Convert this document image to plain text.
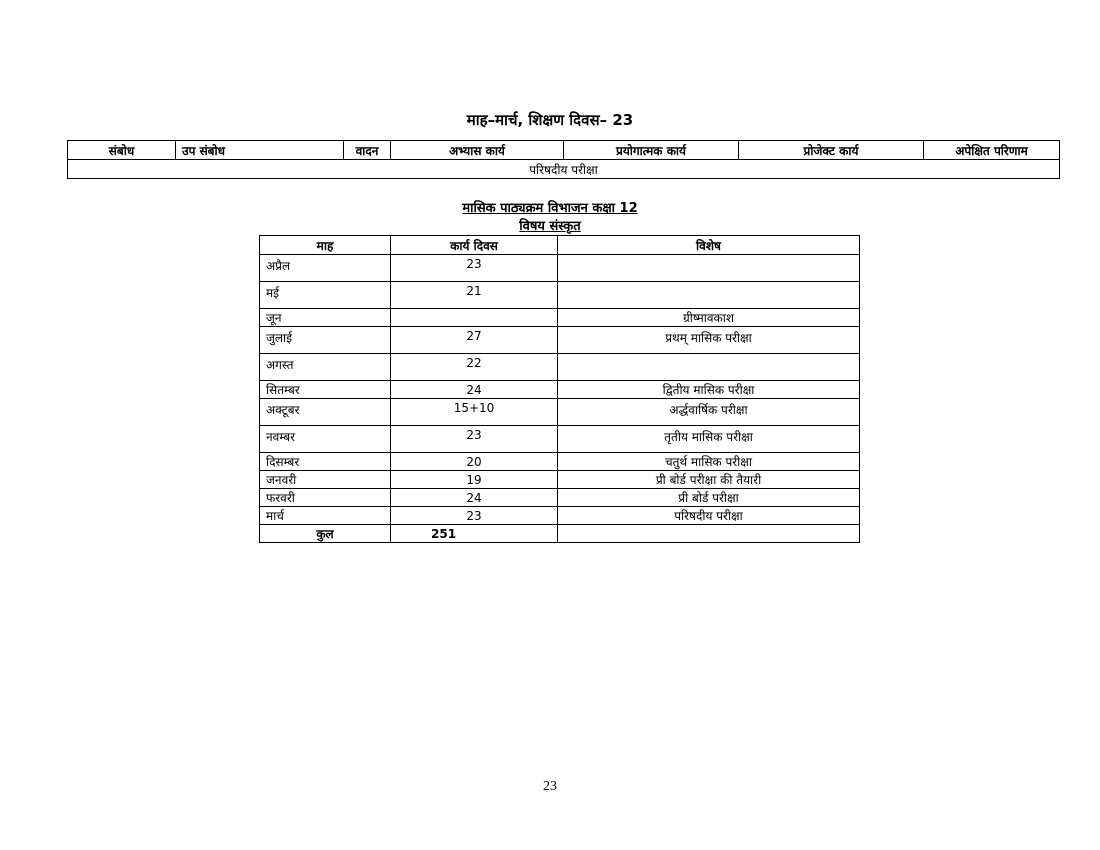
माह–मार्च, शिक्षण दिवस– 23
संबोध	उप संबोध	वादन	अभ्यास कार्य	प्रयोगात्मक कार्य	प्रोजेक्ट कार्य	अपेक्षित परिणाम
परिषदीय परीक्षा
मासिक पाठ्यक्रम विभाजन कक्षा 12
विषय संस्कृत
माह	कार्य दिवस	विशेष
अप्रैल	23	
मई	21	
जून		ग्रीष्मावकाश
जुलाई	27	प्रथम् मासिक परीक्षा
अगस्त	22	
सितम्बर	24	द्वितीय मासिक परीक्षा
अक्टूबर	15+10	अर्द्धवार्षिक परीक्षा
नवम्बर	23	तृतीय मासिक परीक्षा
दिसम्बर	20	चतुर्थ मासिक परीक्षा
जनवरी	19	प्री बोर्ड परीक्षा की तैयारी
फरवरी	24	प्री बोर्ड परीक्षा
मार्च	23	परिषदीय परीक्षा
कुल	251	
23
